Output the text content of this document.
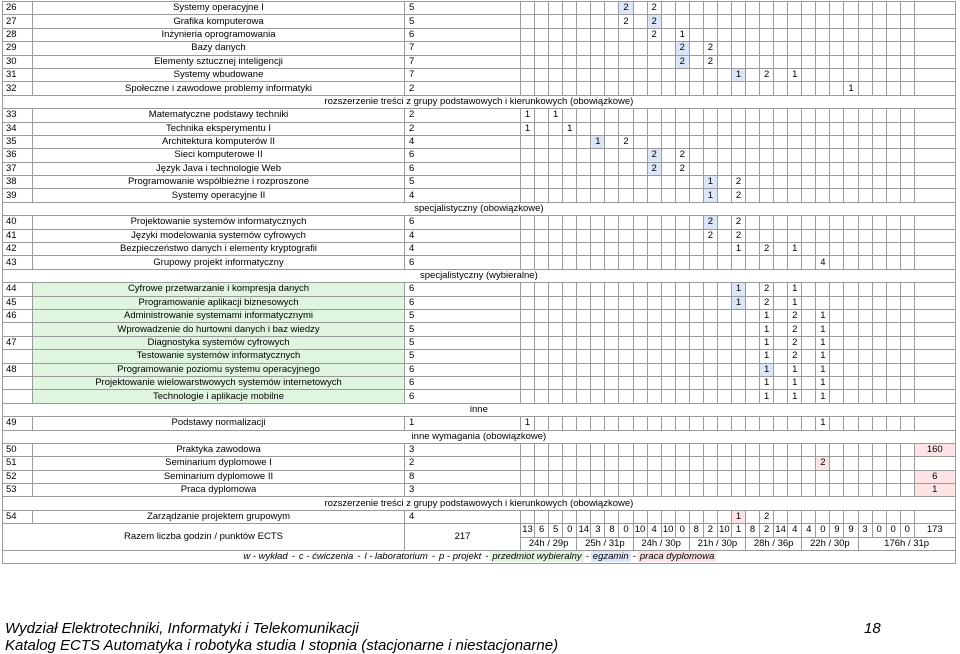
26	Systemy operacyjne I	5								2		2																			
27	Grafika komputerowa	5								2		2																			
28	Inżynieria oprogramowania	6										2		1																	
29	Bazy danych	7												2		2															
30	Elementy sztucznej inteligencji	7												2		2															
31	Systemy wbudowane	7																1		2		1									
32	Społeczne i zawodowe problemy informatyki	2																								1					
rozszerzenie treści z grupy podstawowych i kierunkowych (obowiązkowe)																															
33	Matematyczne podstawy techniki	2	1		1																										
34	Technika eksperymentu I	2	1			1																									
35	Architektura komputerów II	4						1		2																					
36	Sieci komputerowe II	6										2		2																	
37	Język Java i technologie Web	6										2		2																	
38	Programowanie współbieżne i rozproszone	5														1		2													
39	Systemy operacyjne II	4														1		2													
specjalistyczny (obowiązkowe)																															
40	Projektowanie systemów informatycznych	6														2		2													
41	Języki modelowania systemów cyfrowych	4														2		2													
42	Bezpieczeństwo danych i elementy kryptografii	4																1		2		1									
43	Grupowy projekt informatyczny	6																						4							
specjalistyczny (wybieralne)																															
44	Cyfrowe przetwarzanie i kompresja danych	6																1		2		1									
45	Programowanie aplikacji biznesowych	6																1		2		1									
46	Administrowanie systemami informatycznymi	5																		1		2		1							
	Wprowadzenie do hurtowni danych i baz wiedzy	5																		1		2		1							
47	Diagnostyka systemów cyfrowych	5																		1		2		1							
	Testowanie systemów informatycznych	5																		1		2		1							
48	Programowanie poziomu systemu operacyjnego	6																		1		1		1							
	Projektowanie wielowarstwowych systemów internetowych	6																		1		1		1							
	Technologie i aplikacje mobilne	6																		1		1		1							
inne																															
49	Podstawy normalizacji	1	1																					1							
inne wymagania (obowiązkowe)																															
50	Praktyka zawodowa	3																													160
51	Seminarium dyplomowe I	2																						2							
52	Seminarium dyplomowe II	8																													6
53	Praca dyplomowa	3																													1
rozszerzenie treści z grupy podstawowych i kierunkowych (obowiązkowe)																															
54	Zarządzanie projektem grupowym	4																1		2											
Razem liczba godzin / punktów ECTS		217	13	6	5	0	14	3	8	0	10	4	10	0	8	2	10	1	8	2	14	4	4	0	9	9	3	0	0	0	173
			24h / 29p				25h / 31p				24h / 30p				21h / 30p				28h / 36p				22h / 30p				176h / 31p				
w - wykład - c - ćwiczenia - l - laboratorium - p - projekt - przedmiot wybieralny - egzamin - praca dyplomowa																															
Wydział Elektrotechniki, Informatyki i Telekomunikacji
Katalog ECTS Automatyka i robotyka studia I stopnia (stacjonarne i niestacjonarne)
18
